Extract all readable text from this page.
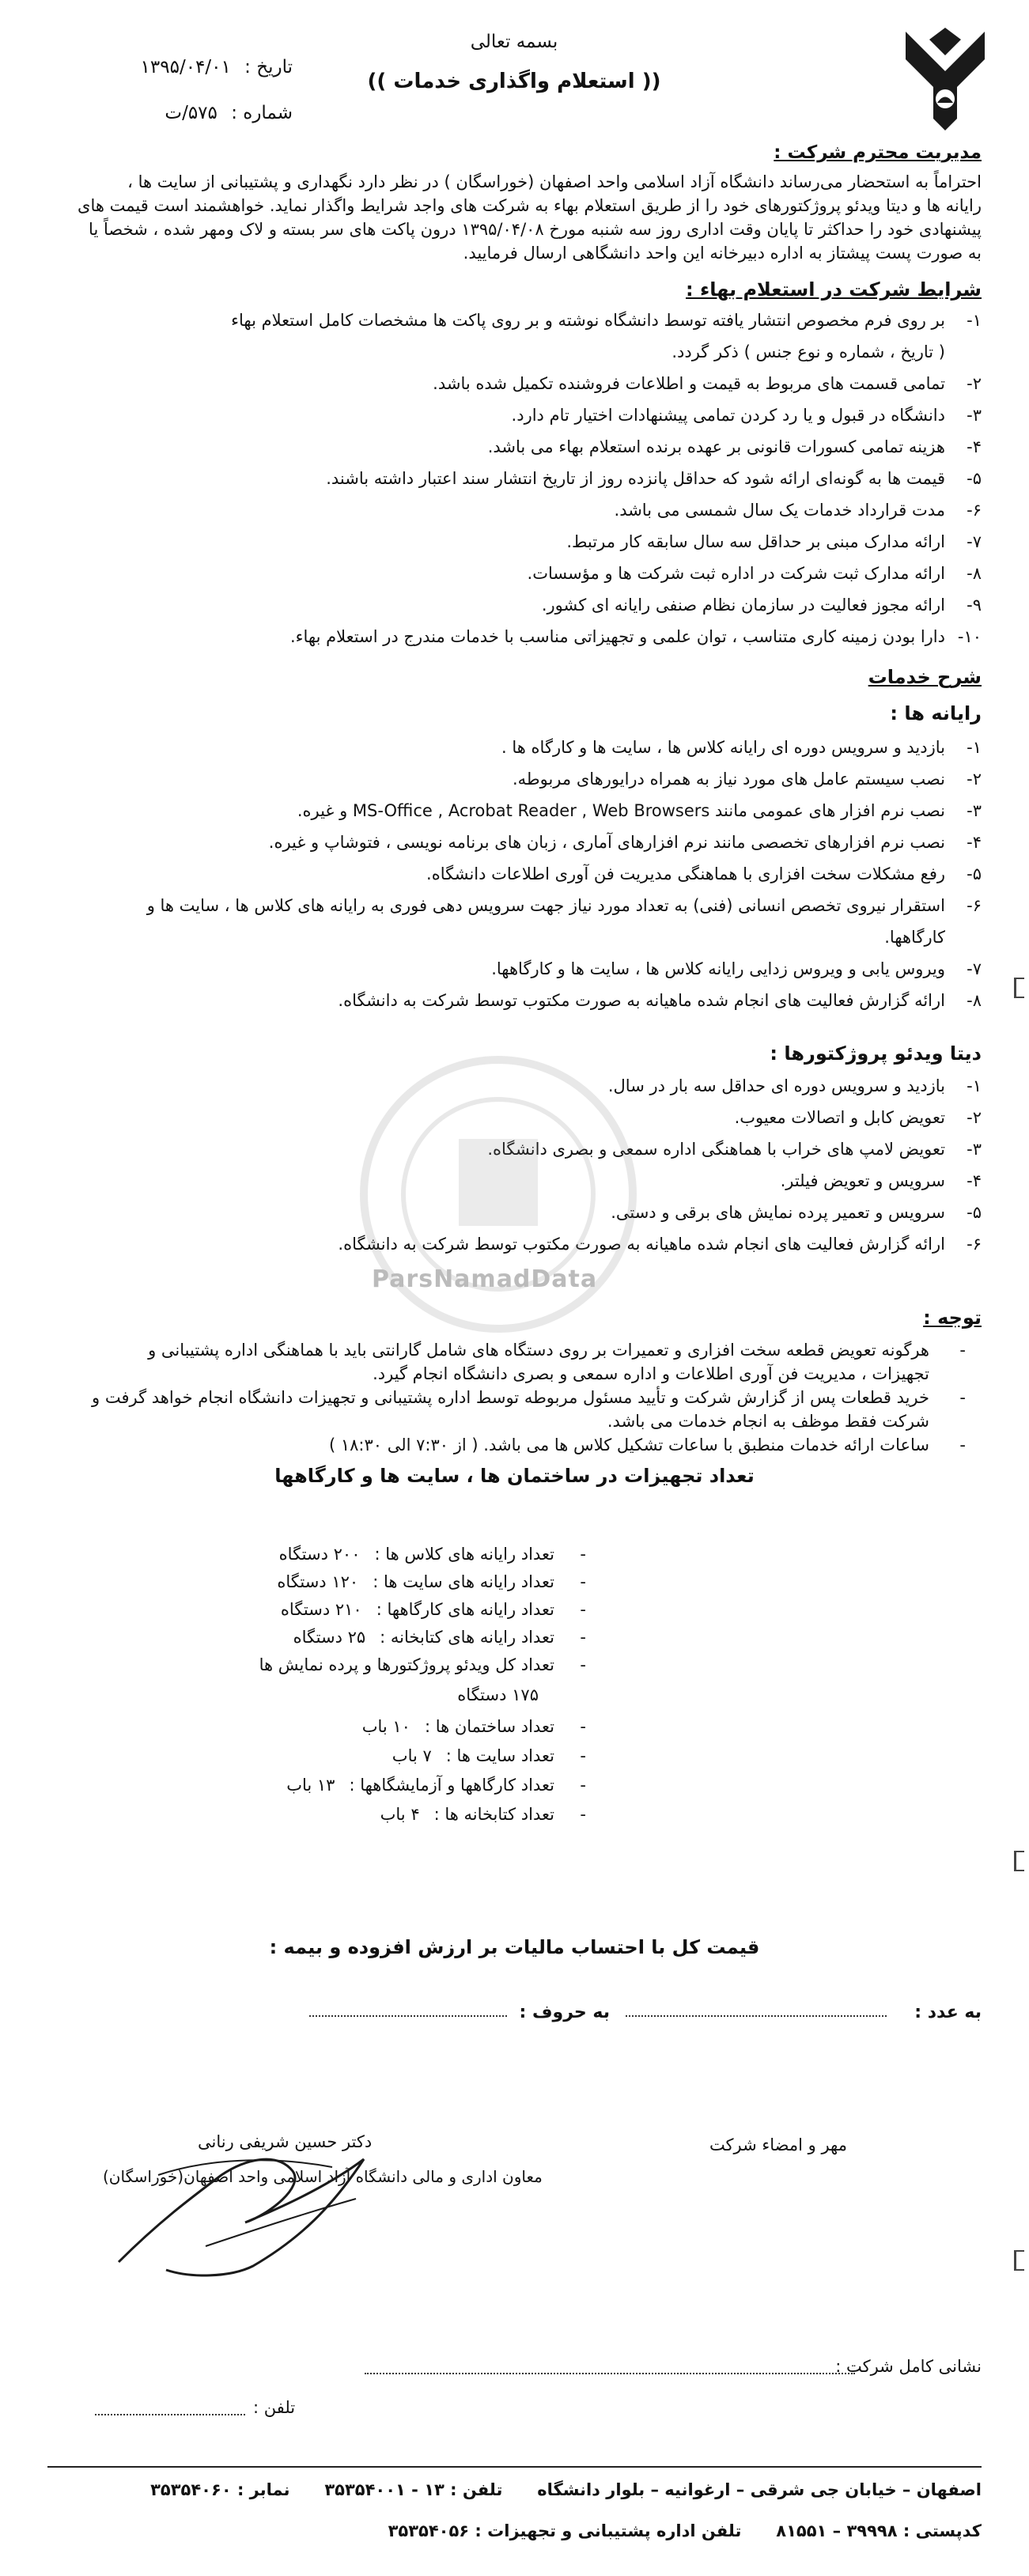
بسمه تعالی
(( استعلام واگذاری خدمات ))
تاریخ : ۱۳۹۵/۰۴/۰۱
شماره : ۵۷۵/ت
مدیریت محترم شرکت :
احتراماً به استحضار می‌رساند دانشگاه آزاد اسلامی واحد اصفهان (خوراسگان ) در نظر دارد نگهداری و پشتیبانی از سایت ها ،
رایانه ها و دیتا ویدئو پروژکتورهای خود را از طریق استعلام بهاء به شرکت های واجد شرایط واگذار نماید. خواهشمند است قیمت های
پیشنهادی خود را حداکثر تا پایان وقت اداری روز سه شنبه مورخ ۱۳۹۵/۰۴/۰۸ درون پاکت های سر بسته و لاک ومهر شده ، شخصاً یا
به صورت پست پیشتاز به اداره دبیرخانه این واحد دانشگاهی ارسال فرمایید.
شرایط شرکت در استعلام بهاء :
۱-بر روی فرم مخصوص انتشار یافته توسط دانشگاه نوشته و بر روی پاکت ها مشخصات کامل استعلام بهاء
( تاریخ ، شماره و نوع جنس ) ذکر گردد.
۲-تمامی قسمت های مربوط به قیمت و اطلاعات فروشنده تکمیل شده باشد.
۳-دانشگاه در قبول و یا رد کردن تمامی پیشنهادات اختیار تام دارد.
۴-هزینه تمامی کسورات قانونی بر عهده برنده استعلام بهاء می باشد.
۵-قیمت ها به گونه‌ای ارائه شود که حداقل پانزده روز از تاریخ انتشار سند اعتبار داشته باشند.
۶-مدت قرارداد خدمات یک سال شمسی می باشد.
۷-ارائه مدارک مبنی بر حداقل سه سال سابقه کار مرتبط.
۸-ارائه مدارک ثبت شرکت در اداره ثبت شرکت ها و مؤسسات.
۹-ارائه مجوز فعالیت در سازمان نظام صنفی رایانه ای کشور.
۱۰-دارا بودن زمینه کاری متناسب ، توان علمی و تجهیزاتی مناسب با خدمات مندرج در استعلام بهاء.
شرح خدمات
رایانه ها :
۱-بازدید و سرویس دوره ای رایانه کلاس ها ، سایت ها و کارگاه ها .
۲-نصب سیستم عامل های مورد نیاز به همراه درایورهای مربوطه.
۳-نصب نرم افزار های عمومی مانند MS-Office , Acrobat Reader , Web Browsers و غیره.
۴-نصب نرم افزارهای تخصصی مانند نرم افزارهای آماری ، زبان های برنامه نویسی ، فتوشاپ و غیره.
۵-رفع مشکلات سخت افزاری با هماهنگی مدیریت فن آوری اطلاعات دانشگاه.
۶-استقرار نیروی تخصص انسانی (فنی) به تعداد مورد نیاز جهت سرویس دهی فوری به رایانه های کلاس ها ، سایت ها و
کارگاهها.
۷-ویروس یابی و ویروس زدایی رایانه کلاس ها ، سایت ها و کارگاهها.
۸-ارائه گزارش فعالیت های انجام شده ماهیانه به صورت مکتوب توسط شرکت به دانشگاه.
دیتا ویدئو پروژکتورها :
۱-بازدید و سرویس دوره ای حداقل سه بار در سال.
۲-تعویض کابل و اتصالات معیوب.
۳-تعویض لامپ های خراب با هماهنگی اداره سمعی و بصری دانشگاه.
۴-سرویس و تعویض فیلتر.
۵-سرویس و تعمیر پرده نمایش های برقی و دستی.
۶-ارائه گزارش فعالیت های انجام شده ماهیانه به صورت مکتوب توسط شرکت به دانشگاه.
ParsNamadData
توجه :
-هرگونه تعویض قطعه سخت افزاری و تعمیرات بر روی دستگاه های شامل گارانتی باید با هماهنگی اداره پشتیبانی و
تجهیزات ، مدیریت فن آوری اطلاعات و اداره سمعی و بصری دانشگاه انجام گیرد.
-خرید قطعات پس از گزارش شرکت و تأیید مسئول مربوطه توسط اداره پشتیبانی و تجهیزات دانشگاه انجام خواهد گرفت و
شرکت فقط موظف به انجام خدمات می باشد.
-ساعات ارائه خدمات منطبق با ساعات تشکیل کلاس ها می باشد. ( از ۷:۳۰ الی ۱۸:۳۰ )
تعداد تجهیزات در ساختمان ها ، سایت ها و کارگاهها
-تعداد رایانه های کلاس ها :۲۰۰ دستگاه
-تعداد رایانه های سایت ها :۱۲۰ دستگاه
-تعداد رایانه های کارگاهها :۲۱۰ دستگاه
-تعداد رایانه های کتابخانه :۲۵ دستگاه
-تعداد کل ویدئو پروژکتورها و پرده نمایش ها
۱۷۵ دستگاه
-تعداد ساختمان ها :۱۰ باب
-تعداد سایت ها :۷ باب
-تعداد کارگاهها و آزمایشگاهها :۱۳ باب
-تعداد کتابخانه ها :۴ باب
قیمت کل با احتساب مالیات بر ارزش افزوده و بیمه :
به عدد :
به حروف :
مهر و امضاء شرکت
دکتر حسین شریفی رنانی
معاون اداری و مالی دانشگاه آزاد اسلامی واحد اصفهان(خوراسگان)
نشانی کامل شرکت :
تلفن :
اصفهان – خیابان جی شرقی – ارغوانیه – بلوار دانشگاه      تلفن : ۱۳ - ۳۵۳۵۴۰۰۱      نمابر : ۳۵۳۵۴۰۶۰
کدپستی : ۳۹۹۹۸ – ۸۱۵۵۱      تلفن اداره پشتیبانی و تجهیزات : ۳۵۳۵۴۰۵۶
